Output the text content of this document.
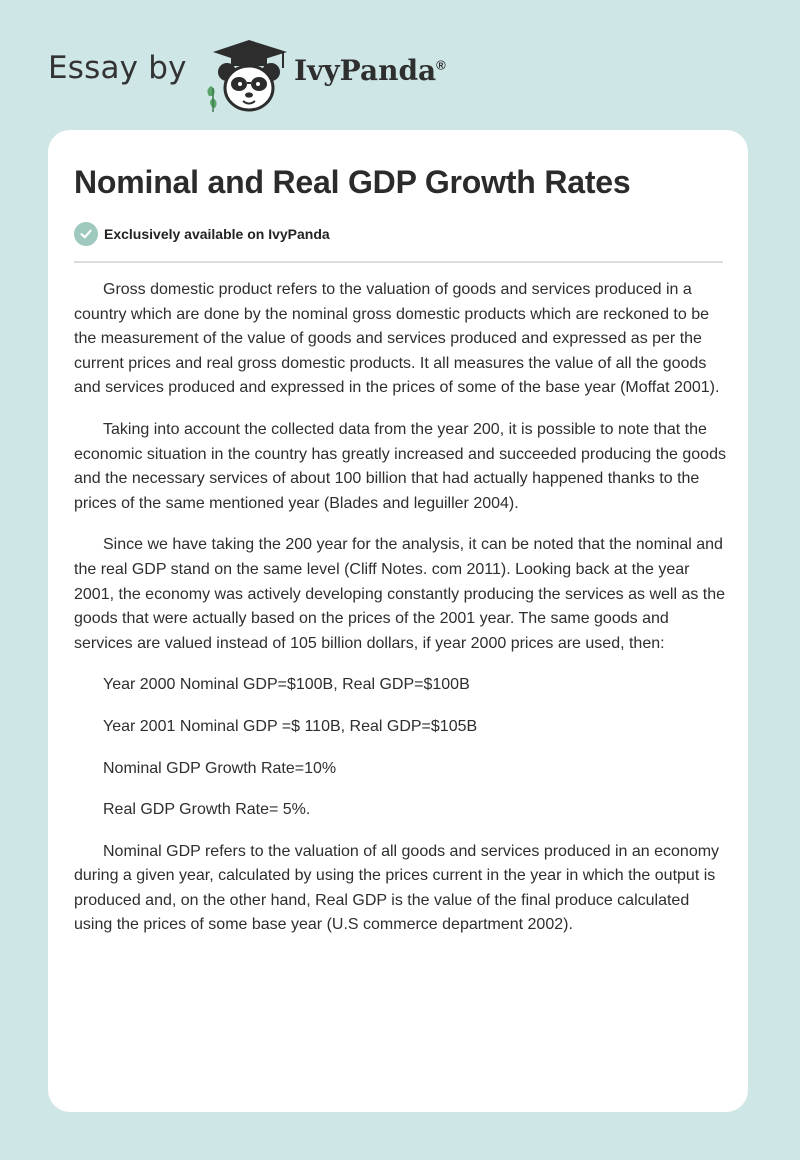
Essay by	IvyPanda®
Nominal and Real GDP Growth Rates
Exclusively available on IvyPanda

Gross domestic product refers to the valuation of goods and services produced in a country which are done by the nominal gross domestic products which are reckoned to be the measurement of the value of goods and services produced and expressed as per the current prices and real gross domestic products. It all measures the value of all the goods and services produced and expressed in the prices of some of the base year (Moffat 2001).

Taking into account the collected data from the year 200, it is possible to note that the economic situation in the country has greatly increased and succeeded producing the goods and the necessary services of about 100 billion that had actually happened thanks to the prices of the same mentioned year (Blades and leguiller 2004).

Since we have taking the 200 year for the analysis, it can be noted that the nominal and the real GDP stand on the same level (Cliff Notes. com 2011). Looking back at the year 2001, the economy was actively developing constantly producing the services as well as the goods that were actually based on the prices of the 2001 year. The same goods and services are valued instead of 105 billion dollars, if year 2000 prices are used, then:

Year 2000 Nominal GDP=$100B, Real GDP=$100B

Year 2001 Nominal GDP =$ 110B, Real GDP=$105B

Nominal GDP Growth Rate=10%

Real GDP Growth Rate= 5%.

Nominal GDP refers to the valuation of all goods and services produced in an economy during a given year, calculated by using the prices current in the year in which the output is produced and, on the other hand, Real GDP is the value of the final produce calculated using the prices of some base year (U.S commerce department 2002).
